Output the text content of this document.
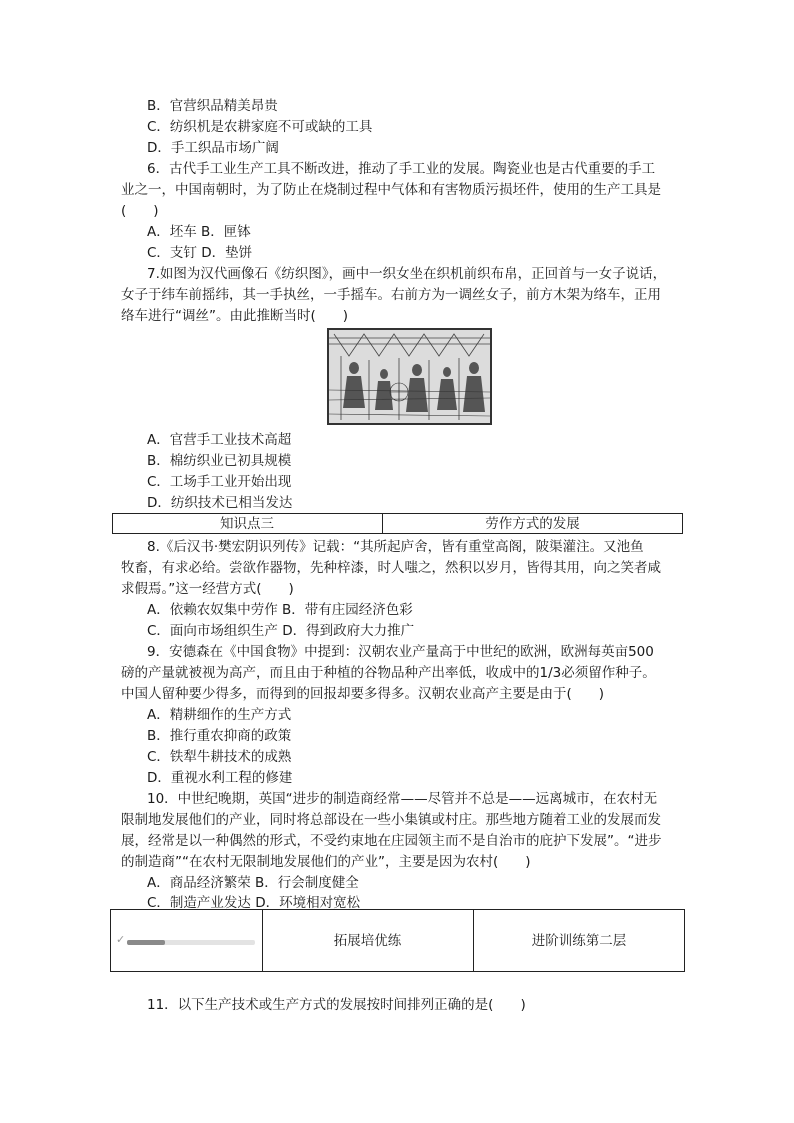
B．官营织品精美昂贵
C．纺织机是农耕家庭不可或缺的工具
D．手工织品市场广阔
6．古代手工业生产工具不断改进，推动了手工业的发展。陶瓷业也是古代重要的手工
业之一，中国南朝时，为了防止在烧制过程中气体和有害物质污损坯件，使用的生产工具是
(　　)
A．坯车 B．匣钵
C．支钉 D．垫饼
7.如图为汉代画像石《纺织图》，画中一织女坐在织机前织布帛，正回首与一女子说话，
女子于纬车前摇纬，其一手执丝，一手摇车。右前方为一调丝女子，前方木架为络车，正用
络车进行“调丝”。由此推断当时(　　)
A．官营手工业技术高超
B．棉纺织业已初具规模
C．工场手工业开始出现
D．纺织技术已相当发达
知识点三	劳作方式的发展
8.《后汉书·樊宏阴识列传》记载：“其所起庐舍，皆有重堂高阁，陂渠灌注。又池鱼
牧畜，有求必给。尝欲作器物，先种梓漆，时人嗤之，然积以岁月，皆得其用，向之笑者咸
求假焉。”这一经营方式(　　)
A．依赖农奴集中劳作 B．带有庄园经济色彩
C．面向市场组织生产 D．得到政府大力推广
9．安德森在《中国食物》中提到：汉朝农业产量高于中世纪的欧洲，欧洲每英亩500
磅的产量就被视为高产，而且由于种植的谷物品种产出率低，收成中的1/3必须留作种子。
中国人留种要少得多，而得到的回报却要多得多。汉朝农业高产主要是由于(　　)
A．精耕细作的生产方式
B．推行重农抑商的政策
C．铁犁牛耕技术的成熟
D．重视水利工程的修建
10．中世纪晚期，英国“进步的制造商经常——尽管并不总是——远离城市，在农村无
限制地发展他们的产业，同时将总部设在一些小集镇或村庄。那些地方随着工业的发展而发
展，经常是以一种偶然的形式，不受约束地在庄园领主而不是自治市的庇护下发展”。“进步
的制造商”“在农村无限制地发展他们的产业”，主要是因为农村(　　)
A．商品经济繁荣 B．行会制度健全
C．制造产业发达 D．环境相对宽松
✓	拓展培优练	进阶训练第二层
11．以下生产技术或生产方式的发展按时间排列正确的是(　　)
